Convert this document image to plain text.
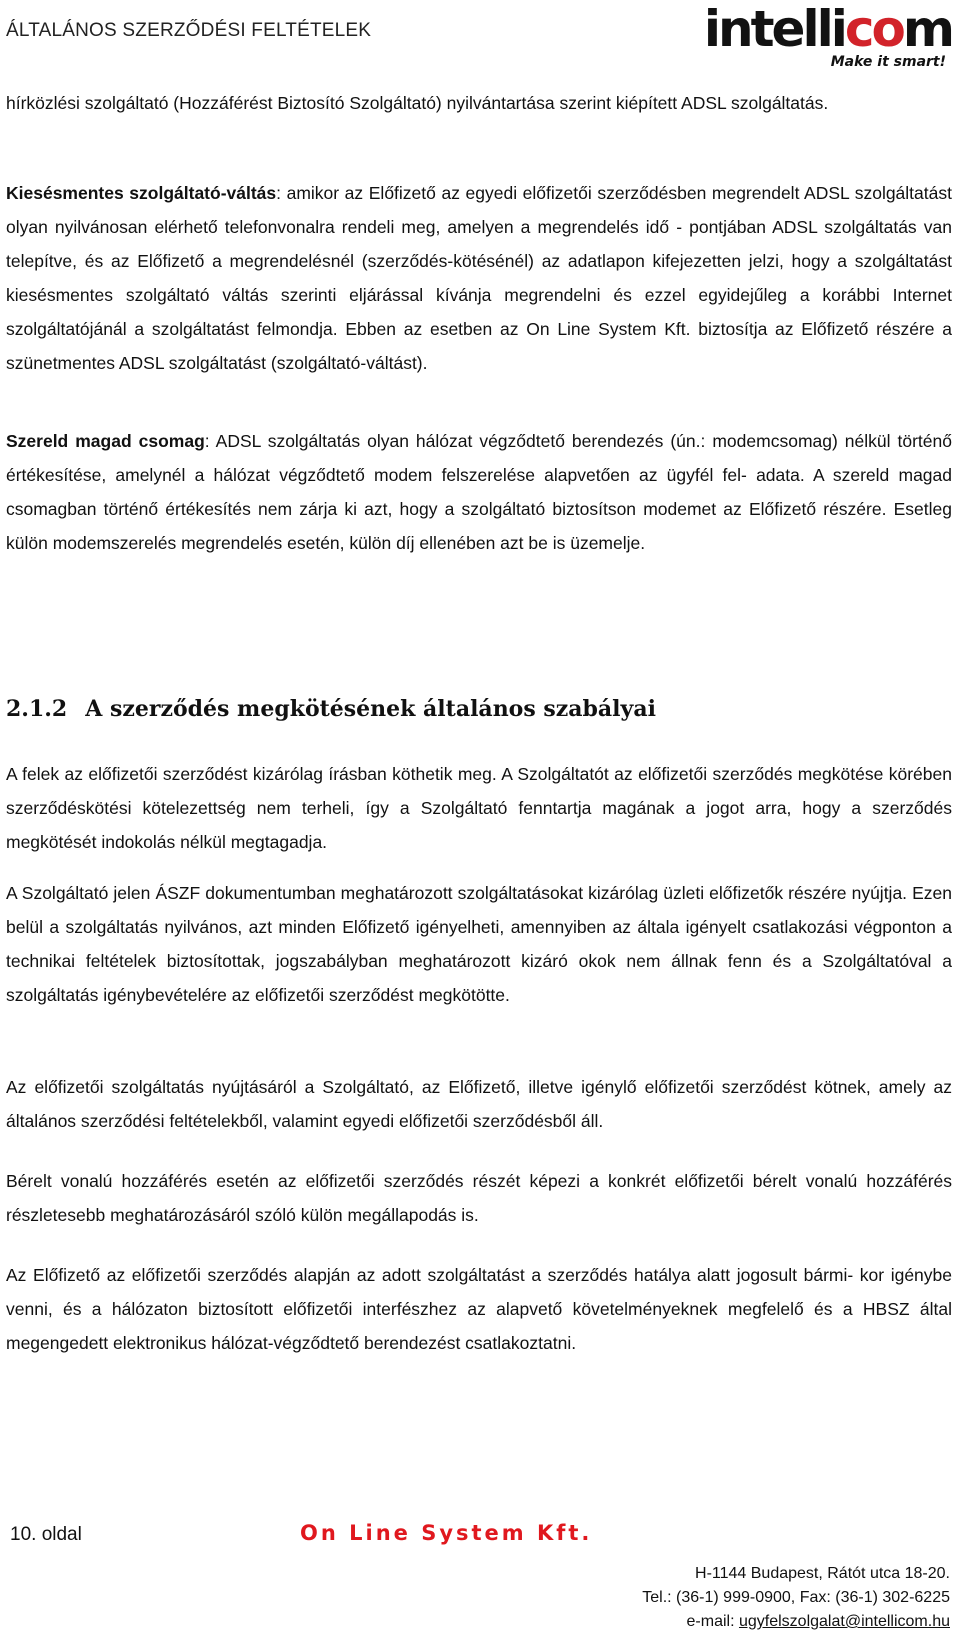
ÁLTALÁNOS SZERZŐDÉSI FELTÉTELEK	intellicom
Make it smart!

hírközlési szolgáltató (Hozzáférést Biztosító Szolgáltató) nyilvántartása szerint kiépített ADSL szolgáltatás.

Kiesésmentes szolgáltató-váltás: amikor az Előfizető az egyedi előfizetői szerződésben megrendelt ADSL szolgáltatást olyan nyilvánosan elérhető telefonvonalra rendeli meg, amelyen a megrendelés idő - pontjában ADSL szolgáltatás van telepítve, és az Előfizető a megrendelésnél (szerződés-kötésénél) az adatlapon kifejezetten jelzi, hogy a szolgáltatást kiesésmentes szolgáltató váltás szerinti eljárással kívánja megrendelni és ezzel egyidejűleg a korábbi Internet szolgáltatójánál a szolgáltatást felmondja. Ebben az esetben az On Line System Kft. biztosítja az Előfizető részére a szünetmentes ADSL szolgáltatást (szolgáltató-váltást).

Szereld magad csomag: ADSL szolgáltatás olyan hálózat végződtető berendezés (ún.: modemcsomag) nélkül történő értékesítése, amelynél a hálózat végződtető modem felszerelése alapvetően az ügyfél fel- adata. A szereld magad csomagban történő értékesítés nem zárja ki azt, hogy a szolgáltató biztosítson modemet az Előfizető részére. Esetleg külön modemszerelés megrendelés esetén, külön díj ellenében azt be is üzemelje.

2.1.2 A szerződés megkötésének általános szabályai

A felek az előfizetői szerződést kizárólag írásban köthetik meg. A Szolgáltatót az előfizetői szerződés megkötése körében szerződéskötési kötelezettség nem terheli, így a Szolgáltató fenntartja magának a jogot arra, hogy a szerződés megkötését indokolás nélkül megtagadja.

A Szolgáltató jelen ÁSZF dokumentumban meghatározott szolgáltatásokat kizárólag üzleti előfizetők részére nyújtja. Ezen belül a szolgáltatás nyilvános, azt minden Előfizető igényelheti, amennyiben az általa igényelt csatlakozási végponton a technikai feltételek biztosítottak, jogszabályban meghatározott kizáró okok nem állnak fenn és a Szolgáltatóval a szolgáltatás igénybevételére az előfizetői szerződést megkötötte.

Az előfizetői szolgáltatás nyújtásáról a Szolgáltató, az Előfizető, illetve igénylő előfizetői szerződést kötnek, amely az általános szerződési feltételekből, valamint egyedi előfizetői szerződésből áll.

Bérelt vonalú hozzáférés esetén az előfizetői szerződés részét képezi a konkrét előfizetői bérelt vonalú hozzáférés részletesebb meghatározásáról szóló külön megállapodás is.

Az Előfizető az előfizetői szerződés alapján az adott szolgáltatást a szerződés hatálya alatt jogosult bármi- kor igénybe venni, és a hálózaton biztosított előfizetői interfészhez az alapvető követelményeknek megfelelő és a HBSZ által megengedett elektronikus hálózat-végződtető berendezést csatlakoztatni.

10. oldal	On Line System Kft.
H-1144 Budapest, Rátót utca 18-20.
Tel.: (36-1) 999-0900, Fax: (36-1) 302-6225
e-mail: ugyfelszolgalat@intellicom.hu
